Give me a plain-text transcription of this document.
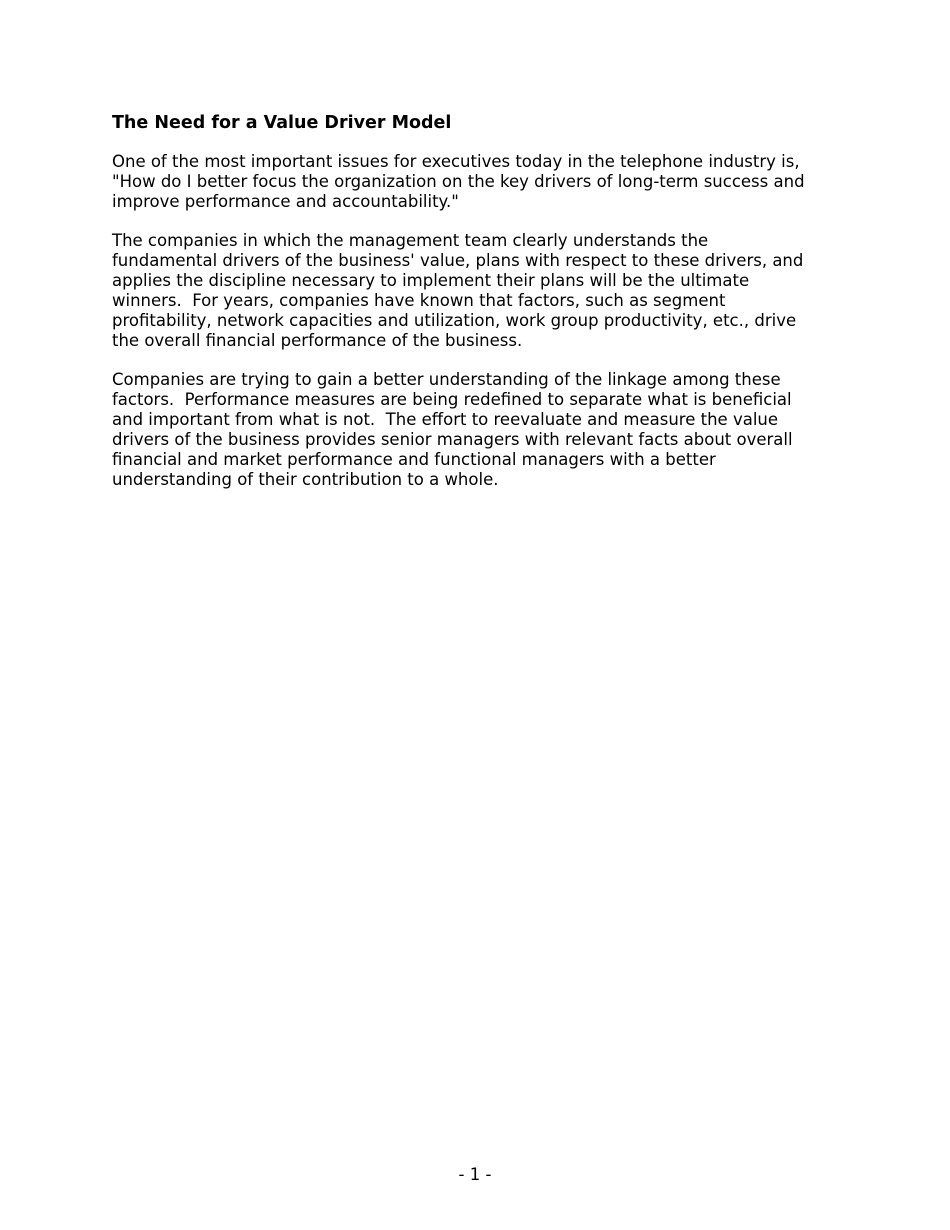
The Need for a Value Driver Model

One of the most important issues for executives today in the telephone industry is,
"How do I better focus the organization on the key drivers of long-term success and
improve performance and accountability."

The companies in which the management team clearly understands the
fundamental drivers of the business' value, plans with respect to these drivers, and
applies the discipline necessary to implement their plans will be the ultimate
winners.  For years, companies have known that factors, such as segment
profitability, network capacities and utilization, work group productivity, etc., drive
the overall financial performance of the business.

Companies are trying to gain a better understanding of the linkage among these
factors.  Performance measures are being redefined to separate what is beneficial
and important from what is not.  The effort to reevaluate and measure the value
drivers of the business provides senior managers with relevant facts about overall
financial and market performance and functional managers with a better
understanding of their contribution to a whole.

- 1 -
